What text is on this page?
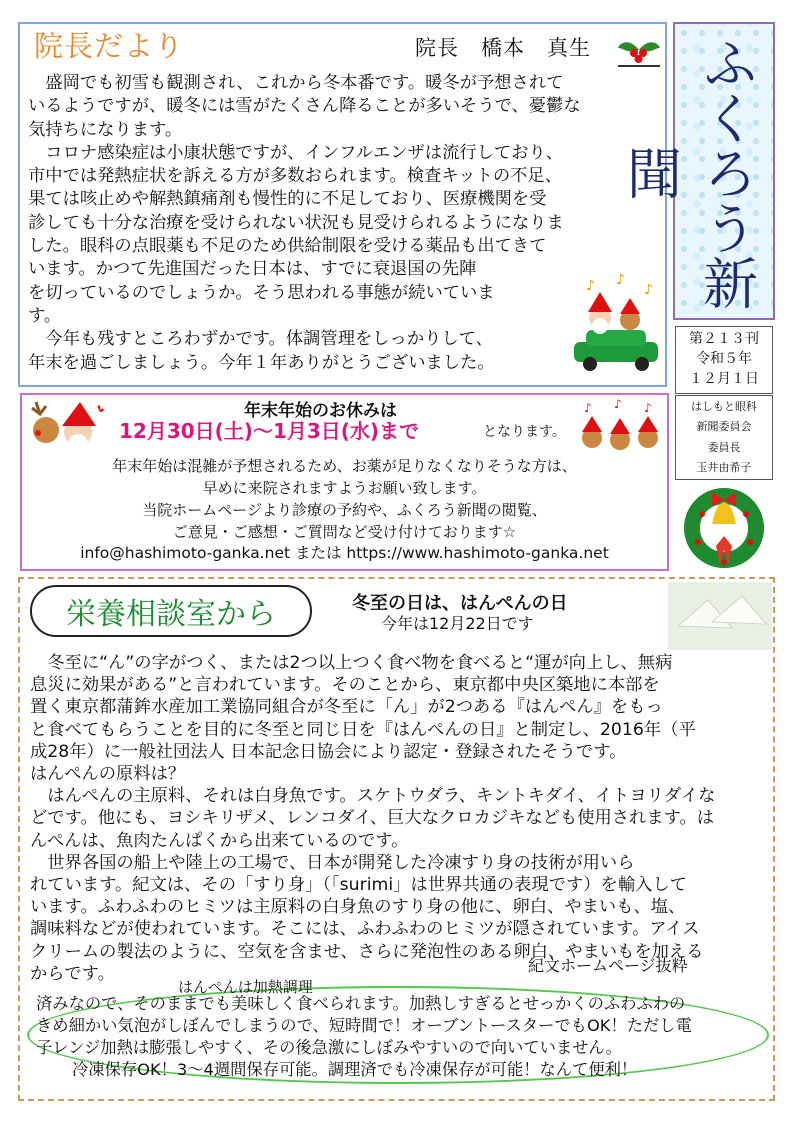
院長だより	院長　橋本　真生

盛岡でも初雪も観測され、これから冬本番です。暖冬が予想されて

いるようですが、暖冬には雪がたくさん降ることが多いそうで、憂鬱な

気持ちになります。

コロナ感染症は小康状態ですが、インフルエンザは流行しており、

市中では発熱症状を訴える方が多数おられます。検査キットの不足、

果ては咳止めや解熱鎮痛剤も慢性的に不足しており、医療機関を受

診しても十分な治療を受けられない状況も見受けられるようになりま

した。眼科の点眼薬も不足のため供給制限を受ける薬品も出てきて

います。かつて先進国だった日本は、すでに衰退国の先陣

を切っているのでしょうか。そう思われる事態が続いていま

す。

今年も残すところわずかです。体調管理をしっかりして、

年末を過ごしましょう。今年１年ありがとうございました。

♪ ♪
♪ ふくろう新聞
第２１３刊
令和５年
１２月１日
はしもと眼科
新聞委員会
委員長
玉井由希子
年末年始のお休みは
12月30日(土)～1月3日(水)まで	となります。
♪ ♪ ♪
年末年始は混雑が予想されるため、お薬が足りなくなりそうな方は、
早めに来院されますようお願い致します。
当院ホームページより診療の予約や、ふくろう新聞の閲覧、
ご意見・ご感想・ご質問など受け付けております☆
info@hashimoto-ganka.net または https://www.hashimoto-ganka.net
栄養相談室から	冬至の日は、はんぺんの日
今年は12月22日です

　冬至に“ん”の字がつく、または2つ以上つく食べ物を食べると“運が向上し、無病

息災に効果がある”と言われています。そのことから、東京都中央区築地に本部を

置く東京都蒲鉾水産加工業協同組合が冬至に「ん」が2つある『はんぺん』をもっ

と食べてもらうことを目的に冬至と同じ日を『はんぺんの日』と制定し、2016年（平

成28年）に一般社団法人 日本記念日協会により認定・登録されたそうです。

はんぺんの原料は？

　はんぺんの主原料、それは白身魚です。スケトウダラ、キントキダイ、イトヨリダイな

どです。他にも、ヨシキリザメ、レンコダイ、巨大なクロカジキなども使用されます。は

んぺんは、魚肉たんぱくから出来ているのです。

　世界各国の船上や陸上の工場で、日本が開発した冷凍すり身の技術が用いら

れています。紀文は、その「すり身」（「surimi」は世界共通の表現です）を輸入して

います。ふわふわのヒミツは主原料の白身魚のすり身の他に、卵白、やまいも、塩、

調味料などが使われています。そこには、ふわふわのヒミツが隠されています。アイス

クリームの製法のように、空気を含ませ、さらに発泡性のある卵白、やまいもを加える

からです。	紀文ホームページ抜粋
はんぺんは加熱調理

済みなので、そのままでも美味しく食べられます。加熱しすぎるとせっかくのふわふわの

きめ細かい気泡がしぼんでしまうので、短時間で！オーブントースターでもOK！ただし電

子レンジ加熱は膨張しやすく、その後急激にしぼみやすいので向いていません。

冷凍保存OK！3～4週間保存可能。調理済でも冷凍保存が可能！なんて便利！
